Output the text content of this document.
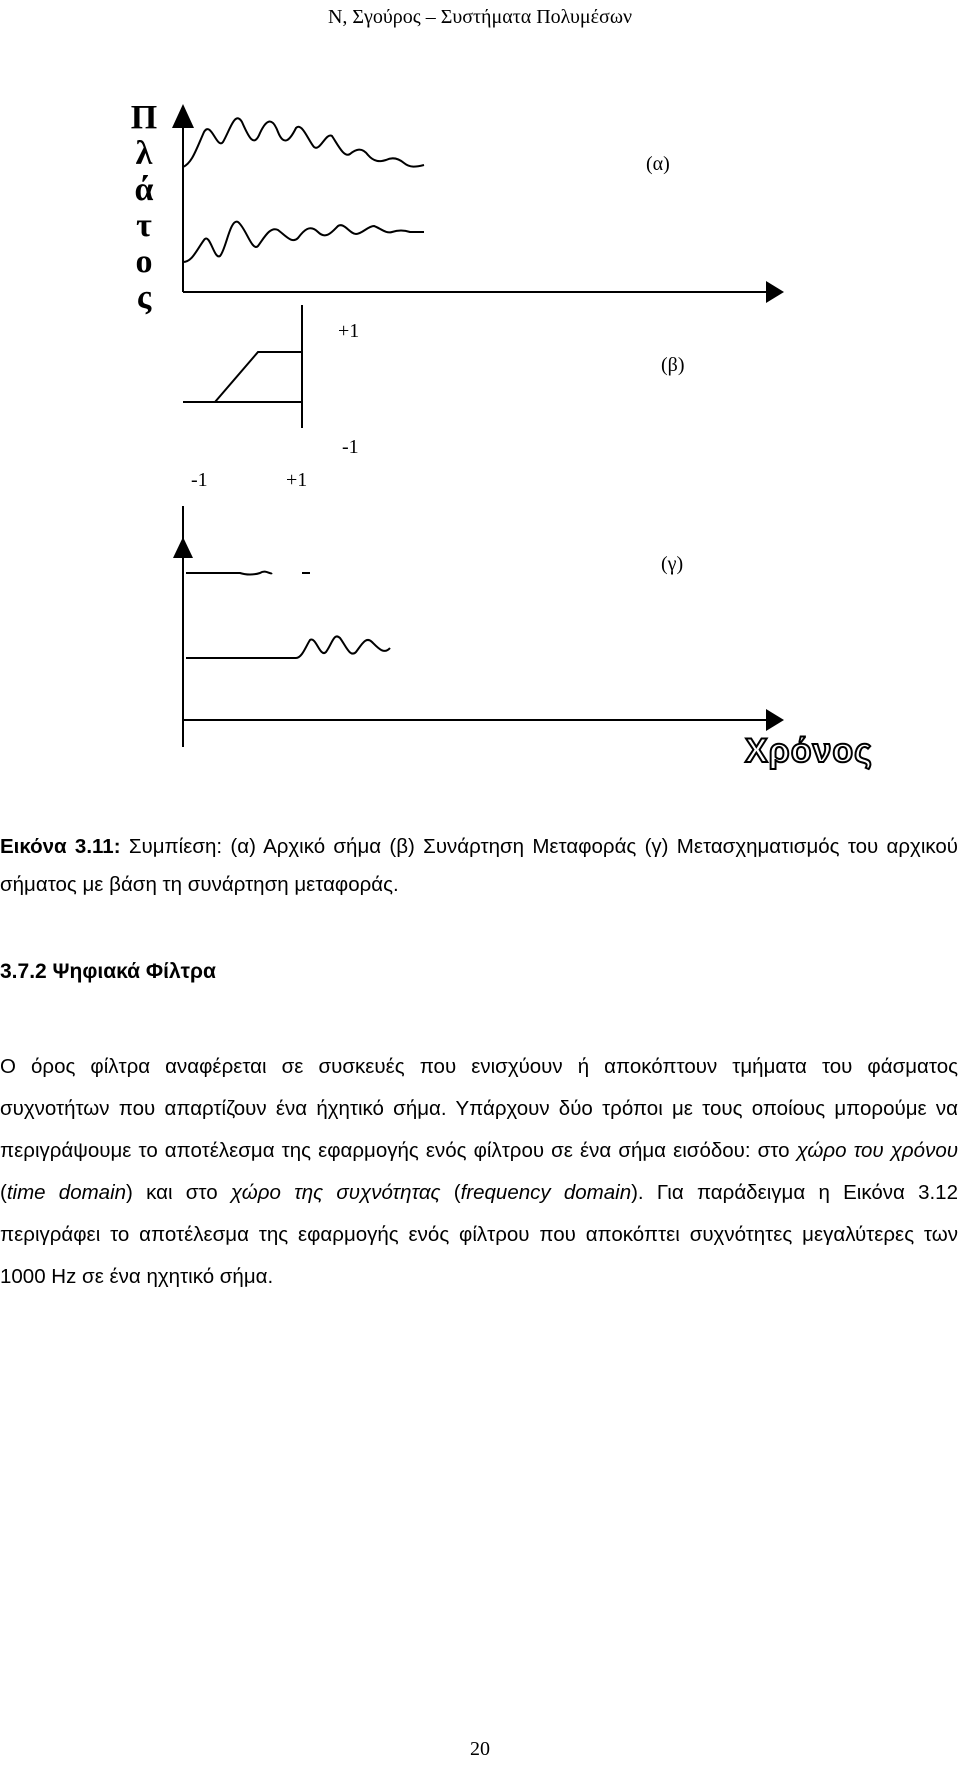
Ν, Σγούρος – Συστήματα Πολυμέσων
Π
λ
ά
τ
ο
ς
(α)
(β)
(γ)
+1
-1
-1	+1
Χρόνος
Εικόνα 3.11: Συμπίεση: (α) Αρχικό σήμα (β) Συνάρτηση Μεταφοράς (γ) Μετασχηματισμός του αρχικού σήματος με βάση τη συνάρτηση μεταφοράς.
3.7.2 Ψηφιακά Φίλτρα
Ο όρος φίλτρα αναφέρεται σε συσκευές που ενισχύουν ή αποκόπτουν τμήματα του φάσματος συχνοτήτων που απαρτίζουν ένα ήχητικό σήμα. Υπάρχουν δύο τρόποι με τους οποίους μπορούμε να περιγράψουμε το αποτέλεσμα της εφαρμογής ενός φίλτρου σε ένα σήμα εισόδου: στο χώρο του χρόνου (time domain) και στο χώρο της συχνότητας (frequency domain). Για παράδειγμα η Εικόνα 3.12 περιγράφει το αποτέλεσμα της εφαρμογής ενός φίλτρου που αποκόπτει συχνότητες μεγαλύτερες των 1000 Hz σε ένα ηχητικό σήμα.
20
